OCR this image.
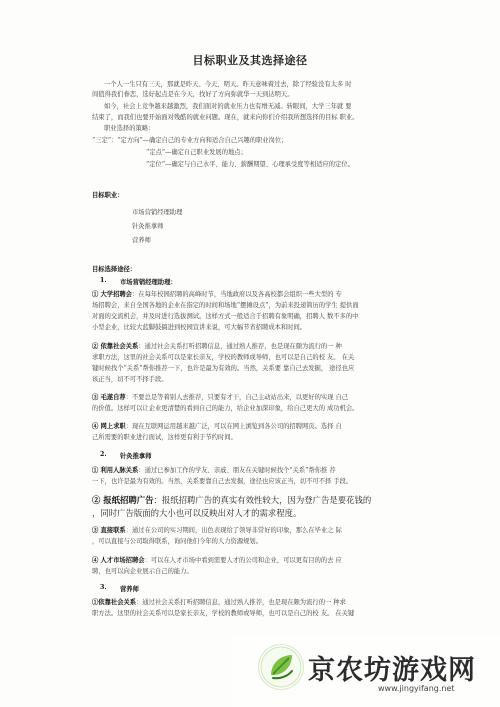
目标职业及其选择途径
一个人一生只有三天，那就是昨天、今天、明天。昨天意味着过去，除了经验没有太多 时
间值得我们眷恋，选好起点是在今天，找好了方向弥就华一天到达明天。
如今，社会上竞争越来越激烈，我们面对的就业压力也有增无减。转眼间，大学三年就 要
结束了，而我们也要开始面对残酷的就业问题。现在，就来向你们介绍我所想选择的目标 职业。
职业选择的策略：
“三定”：“定方向”—确定自己的专业方向和适合自己兴趣的职业岗位；
“定点”—确定自己职业发展的地点；
“定位”—确定与自己水平、能力、薪酬期望、心理承受度等相适应的定位。
目标职业：
市场营销经理助理
针灸推拿师
营养师
目标选择途径：
1. 市场营销经理助理：
① 大学招聘会：在每年校园招聘的高峰时节，当地政府以及各高校都会组织一些大型的 专
场招聘会，来自全国各地的企业在指定的时间和场地“摆摊设点”，为前来投递简历的学生 提供面
对面的交流机会，并及时进行选拔测试。这样方式一般适合于招聘有象明确，招聘人 数不多的中
小型企业，比较大蓝脚鼓搞进到校园宣讲来说，可大幅节省招聘成本和时间。
② 依靠社会关系：通过社会关系打听招聘信息，通过熟人推荐，也是现在颇为流行的一 种
求职方法，这里的社会关系可以是家长亲友，学校的教师或导师，也可以是自己的校 友。 在关
键时候找个“关系”帮你推荐一下，也许是最为有效的。当然，关系要 靠自己去发掘， 途径也应
该正当，切不可不择手段。
③ 毛遂自荐：不要总是等着别人去推荐，只要有才干，自己主动站出来，以更好的实现 自己
的价值。这样可以让企业更清楚的看到自己的能力，给企业加深印象，给自己更大的 成功机会。
④ 网上求职：现在互联网运用越来越广泛，可以在网上浏览到各公司的招聘网页。选择 自
己所需要的职业进行面试，这样更有利于节约时间。
2. 针灸推拿师
① 利用人脉关系：通过已参加工作的学友、亲戚、朋友在关键时候找个“关系”帮你推 荐
一下，也许是最为有效的。当然，关系要靠自己去发掘，途径也应该正当，切不可不择 手段。
② 报纸招聘广告：报纸招聘广告的真实有效性较大，因为登广告是要花钱的
，同时广告版面的大小也可以反映出对人才的需求程度。
③ 直接联系：通过在公司的实习期间，出色表现给了领导非常好的印象，那么在毕业之 际
，可以直接与公司取得联系，询问他们今年的人力资源规划。
④ 人才市场招聘会：可以在人才市场中看到需要人才的公司和企业，可以更有目的的去 应
聘，也可以向企业展示自己的能力。
3. 营养师
①依靠社会关系：通过社会关系打听招聘信息，通过熟人推荐，也是现在颇为流行的一 种求
职方法。这里的社会关系可以是家长亲友，学校的教师或导师，也可以是自己的校 友。 在关键
京农坊游戏网
www.jingyifang.net
